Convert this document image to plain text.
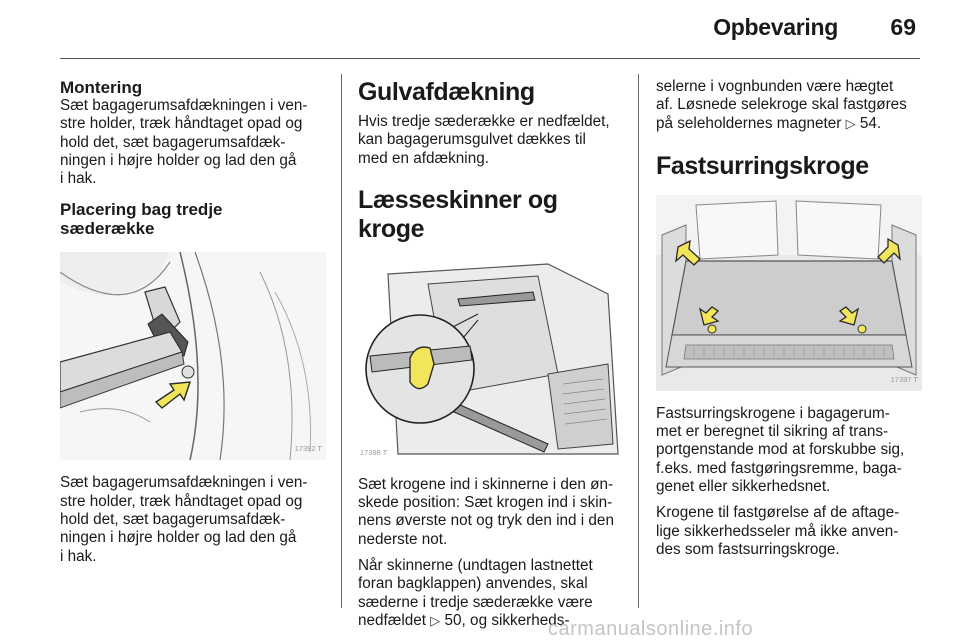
Opbevaring 69
Montering

Sæt bagagerumsafdækningen i ven-
stre holder, træk håndtaget opad og
hold det, sæt bagagerumsafdæk-
ningen i højre holder og lad den gå
i hak.

Placering bag tredje
sæderække
17392 T

Sæt bagagerumsafdækningen i ven-
stre holder, træk håndtaget opad og
hold det, sæt bagagerumsafdæk-
ningen i højre holder og lad den gå
i hak.

Gulvafdækning

Hvis tredje sæderække er nedfældet,
kan bagagerumsgulvet dækkes til
med en afdækning.

Læsseskinner og kroge
17398 T

Sæt krogene ind i skinnerne i den øn-
skede position: Sæt krogen ind i skin-
nens øverste not og tryk den ind i den
nederste not.

Når skinnerne (undtagen lastnettet
foran bagklappen) anvendes, skal
sæderne i tredje sæderække være
nedfældet ▷ 50, og sikkerheds-

selerne i vognbunden være hægtet
af. Løsnede selekroge skal fastgøres
på seleholdernes magneter ▷ 54.

Fastsurringskroge
17397 T

Fastsurringskrogene i bagagerum-
met er beregnet til sikring af trans-
portgenstande mod at forskubbe sig,
f.eks. med fastgøringsremme, baga-
genet eller sikkerhedsnet.

Krogene til fastgørelse af de aftage-
lige sikkerhedsseler må ikke anven-
des som fastsurringskroge.

carmanualsonline.info
